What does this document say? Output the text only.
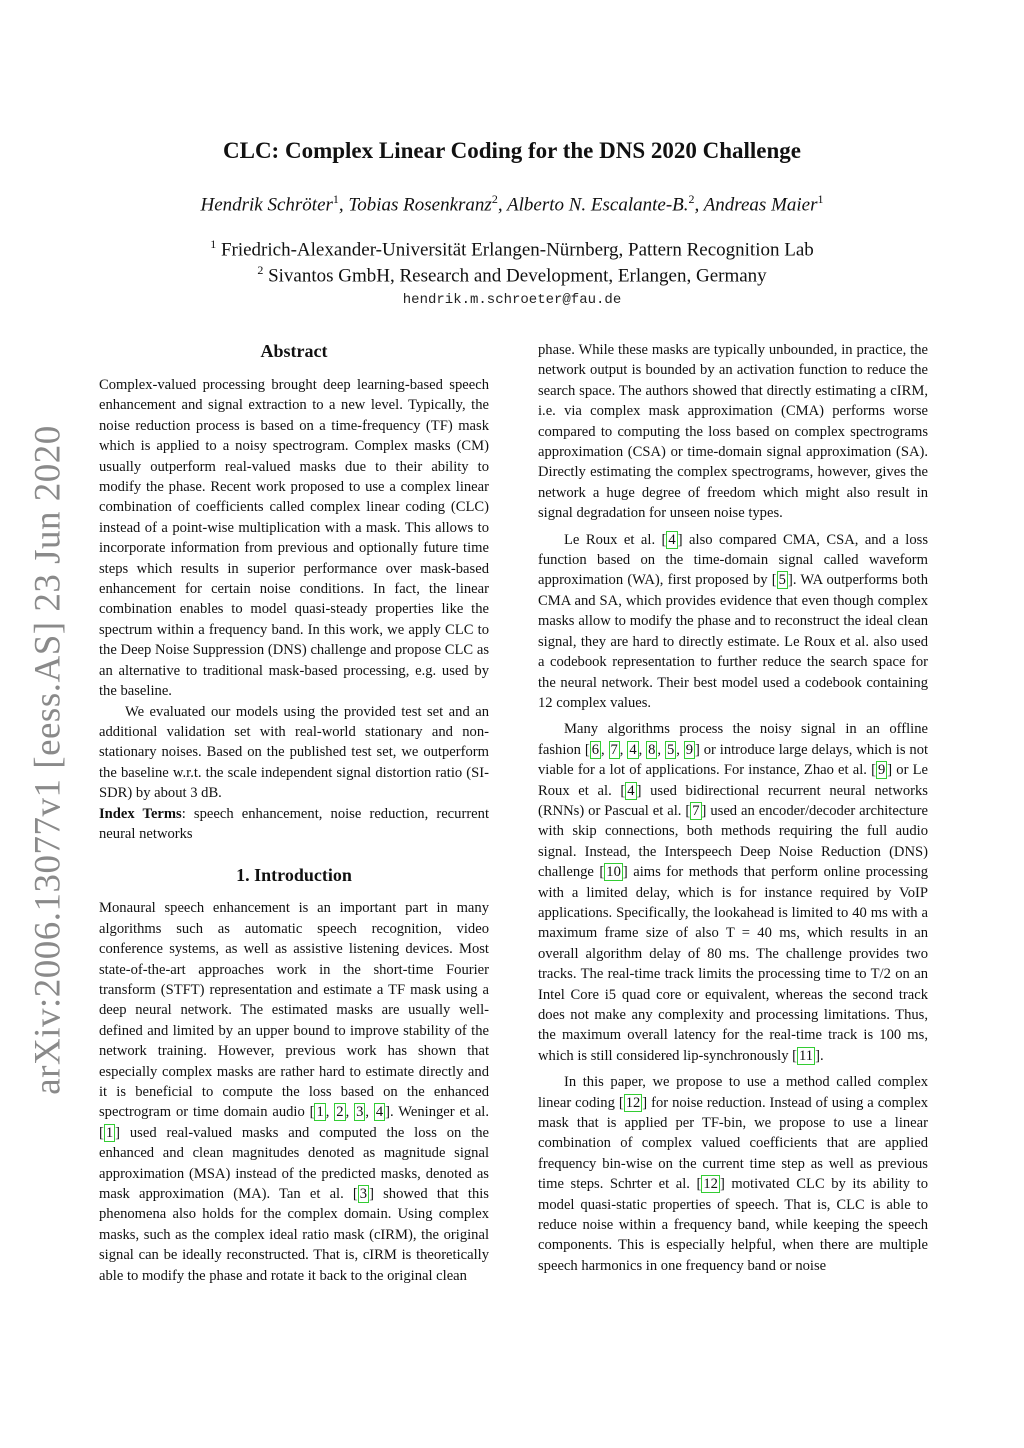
arXiv:2006.13077v1 [eess.AS] 23 Jun 2020
CLC: Complex Linear Coding for the DNS 2020 Challenge
Hendrik Schröter$^1$, Tobias Rosenkranz$^2$, Alberto N. Escalante-B.$^2$, Andreas Maier$^1$
$^1$ Friedrich-Alexander-Universität Erlangen-Nürnberg, Pattern Recognition Lab
$^2$ Sivantos GmbH, Research and Development, Erlangen, Germany
hendrik.m.schroeter@fau.de
Abstract

Complex-valued processing brought deep learning-based speech enhancement and signal extraction to a new level. Typically, the noise reduction process is based on a time-frequency (TF) mask which is applied to a noisy spectrogram. Complex masks (CM) usually outperform real-valued masks due to their ability to modify the phase. Recent work proposed to use a complex linear combination of coefficients called complex linear coding (CLC) instead of a point-wise multiplication with a mask. This allows to incorporate information from previous and optionally future time steps which results in superior performance over mask-based enhancement for certain noise conditions. In fact, the linear combination enables to model quasi-steady properties like the spectrum within a frequency band. In this work, we apply CLC to the Deep Noise Suppression (DNS) challenge and propose CLC as an alternative to traditional mask-based processing, e.g. used by the baseline.

We evaluated our models using the provided test set and an additional validation set with real-world stationary and non-stationary noises. Based on the published test set, we outperform the baseline w.r.t. the scale independent signal distortion ratio (SI-SDR) by about 3 dB.

Index Terms: speech enhancement, noise reduction, recurrent neural networks

1. Introduction

Monaural speech enhancement is an important part in many algorithms such as automatic speech recognition, video conference systems, as well as assistive listening devices. Most state-of-the-art approaches work in the short-time Fourier transform (STFT) representation and estimate a TF mask using a deep neural network. The estimated masks are usually well-defined and limited by an upper bound to improve stability of the network training. However, previous work has shown that especially complex masks are rather hard to estimate directly and it is beneficial to compute the loss based on the enhanced spectrogram or time domain audio [ 1 , 2 , 3 , 4 ]. Weninger et al. [ 1 ] used real-valued masks and computed the loss on the enhanced and clean magnitudes denoted as magnitude signal approximation (MSA) instead of the predicted masks, denoted as mask approximation (MA). Tan et al. [ 3 ] showed that this phenomena also holds for the complex domain. Using complex masks, such as the complex ideal ratio mask (cIRM), the original signal can be ideally reconstructed. That is, cIRM is theoretically able to modify the phase and rotate it back to the original clean

phase. While these masks are typically unbounded, in practice, the network output is bounded by an activation function to reduce the search space. The authors showed that directly estimating a cIRM, i.e. via complex mask approximation (CMA) performs worse compared to computing the loss based on complex spectrograms approximation (CSA) or time-domain signal approximation (SA). Directly estimating the complex spectrograms, however, gives the network a huge degree of freedom which might also result in signal degradation for unseen noise types.

Le Roux et al. [ 4 ] also compared CMA, CSA, and a loss function based on the time-domain signal called waveform approximation (WA), first proposed by [ 5 ]. WA outperforms both CMA and SA, which provides evidence that even though complex masks allow to modify the phase and to reconstruct the ideal clean signal, they are hard to directly estimate. Le Roux et al. also used a codebook representation to further reduce the search space for the neural network. Their best model used a codebook containing 12 complex values.

Many algorithms process the noisy signal in an offline fashion [ 6 , 7 , 4 , 8 , 5 , 9 ] or introduce large delays, which is not viable for a lot of applications. For instance, Zhao et al. [ 9 ] or Le Roux et al. [ 4 ] used bidirectional recurrent neural networks (RNNs) or Pascual et al. [ 7 ] used an encoder/decoder architecture with skip connections, both methods requiring the full audio signal. Instead, the Interspeech Deep Noise Reduction (DNS) challenge [ 10 ] aims for methods that perform online processing with a limited delay, which is for instance required by VoIP applications. Specifically, the lookahead is limited to 40 ms with a maximum frame size of also T = 40 ms, which results in an overall algorithm delay of 80 ms. The challenge provides two tracks. The real-time track limits the processing time to T/2 on an Intel Core i5 quad core or equivalent, whereas the second track does not make any complexity and processing limitations. Thus, the maximum overall latency for the real-time track is 100 ms, which is still considered lip-synchronously [ 11 ].

In this paper, we propose to use a method called complex linear coding [ 12 ] for noise reduction. Instead of using a complex mask that is applied per TF-bin, we propose to use a linear combination of complex valued coefficients that are applied frequency bin-wise on the current time step as well as previous time steps. Schrter et al. [ 12 ] motivated CLC by its ability to model quasi-static properties of speech. That is, CLC is able to reduce noise within a frequency band, while keeping the speech components. This is especially helpful, when there are multiple speech harmonics in one frequency band or noise
